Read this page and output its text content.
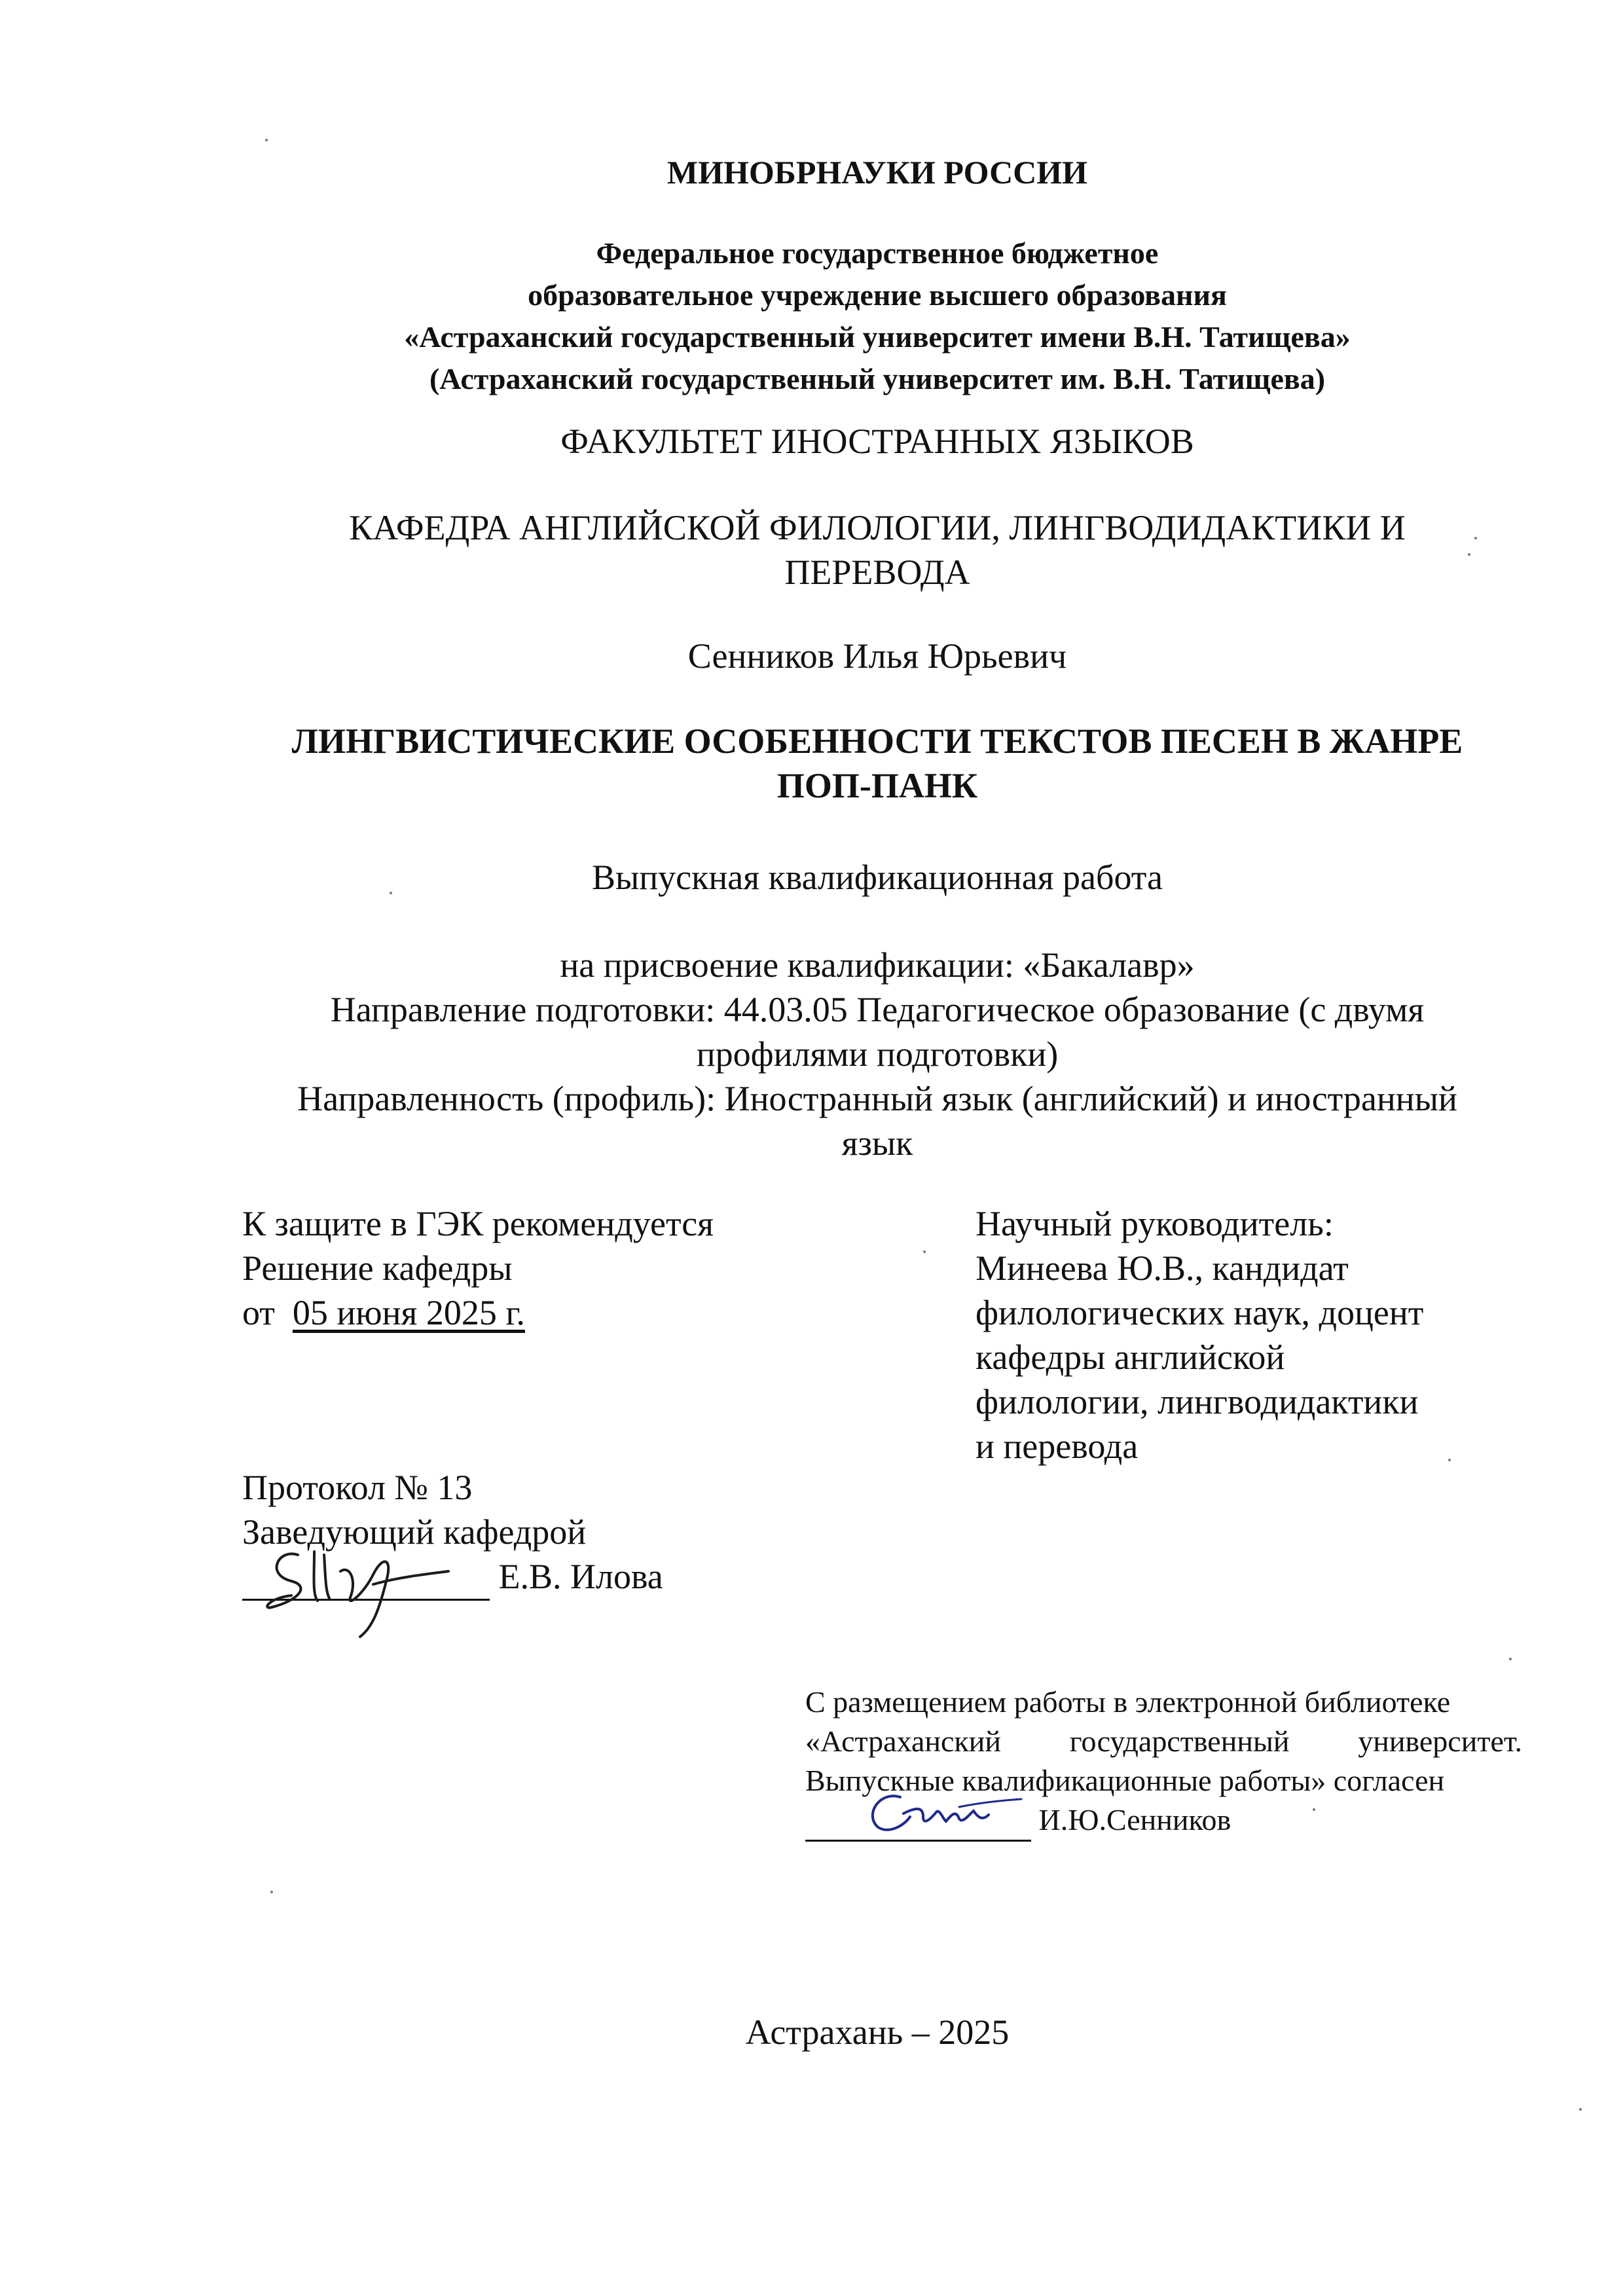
МИНОБРНАУКИ РОССИИ
Федеральное государственное бюджетное
образовательное учреждение высшего образования
«Астраханский государственный университет имени В.Н. Татищева»
(Астраханский государственный университет им. В.Н. Татищева)
ФАКУЛЬТЕТ ИНОСТРАННЫХ ЯЗЫКОВ
КАФЕДРА АНГЛИЙСКОЙ ФИЛОЛОГИИ, ЛИНГВОДИДАКТИКИ И
ПЕРЕВОДА
Сенников Илья Юрьевич
ЛИНГВИСТИЧЕСКИЕ ОСОБЕННОСТИ ТЕКСТОВ ПЕСЕН В ЖАНРЕ
ПОП-ПАНК
Выпускная квалификационная работа
на присвоение квалификации: «Бакалавр»
Направление подготовки: 44.03.05 Педагогическое образование (с двумя
профилями подготовки)
Направленность (профиль): Иностранный язык (английский) и иностранный
язык
К защите в ГЭК рекомендуется
Решение кафедры
от 05 июня 2025 г.
Протокол № 13
Заведующий кафедрой
Е.В. Илова
Научный руководитель:
Минеева Ю.В., кандидат
филологических наук, доцент
кафедры английской
филологии, лингводидактики
и перевода
С размещением работы в электронной библиотеке
«Астраханский государственный университет.
Выпускные квалификационные работы» согласен
И.Ю.Сенников
Астрахань – 2025
